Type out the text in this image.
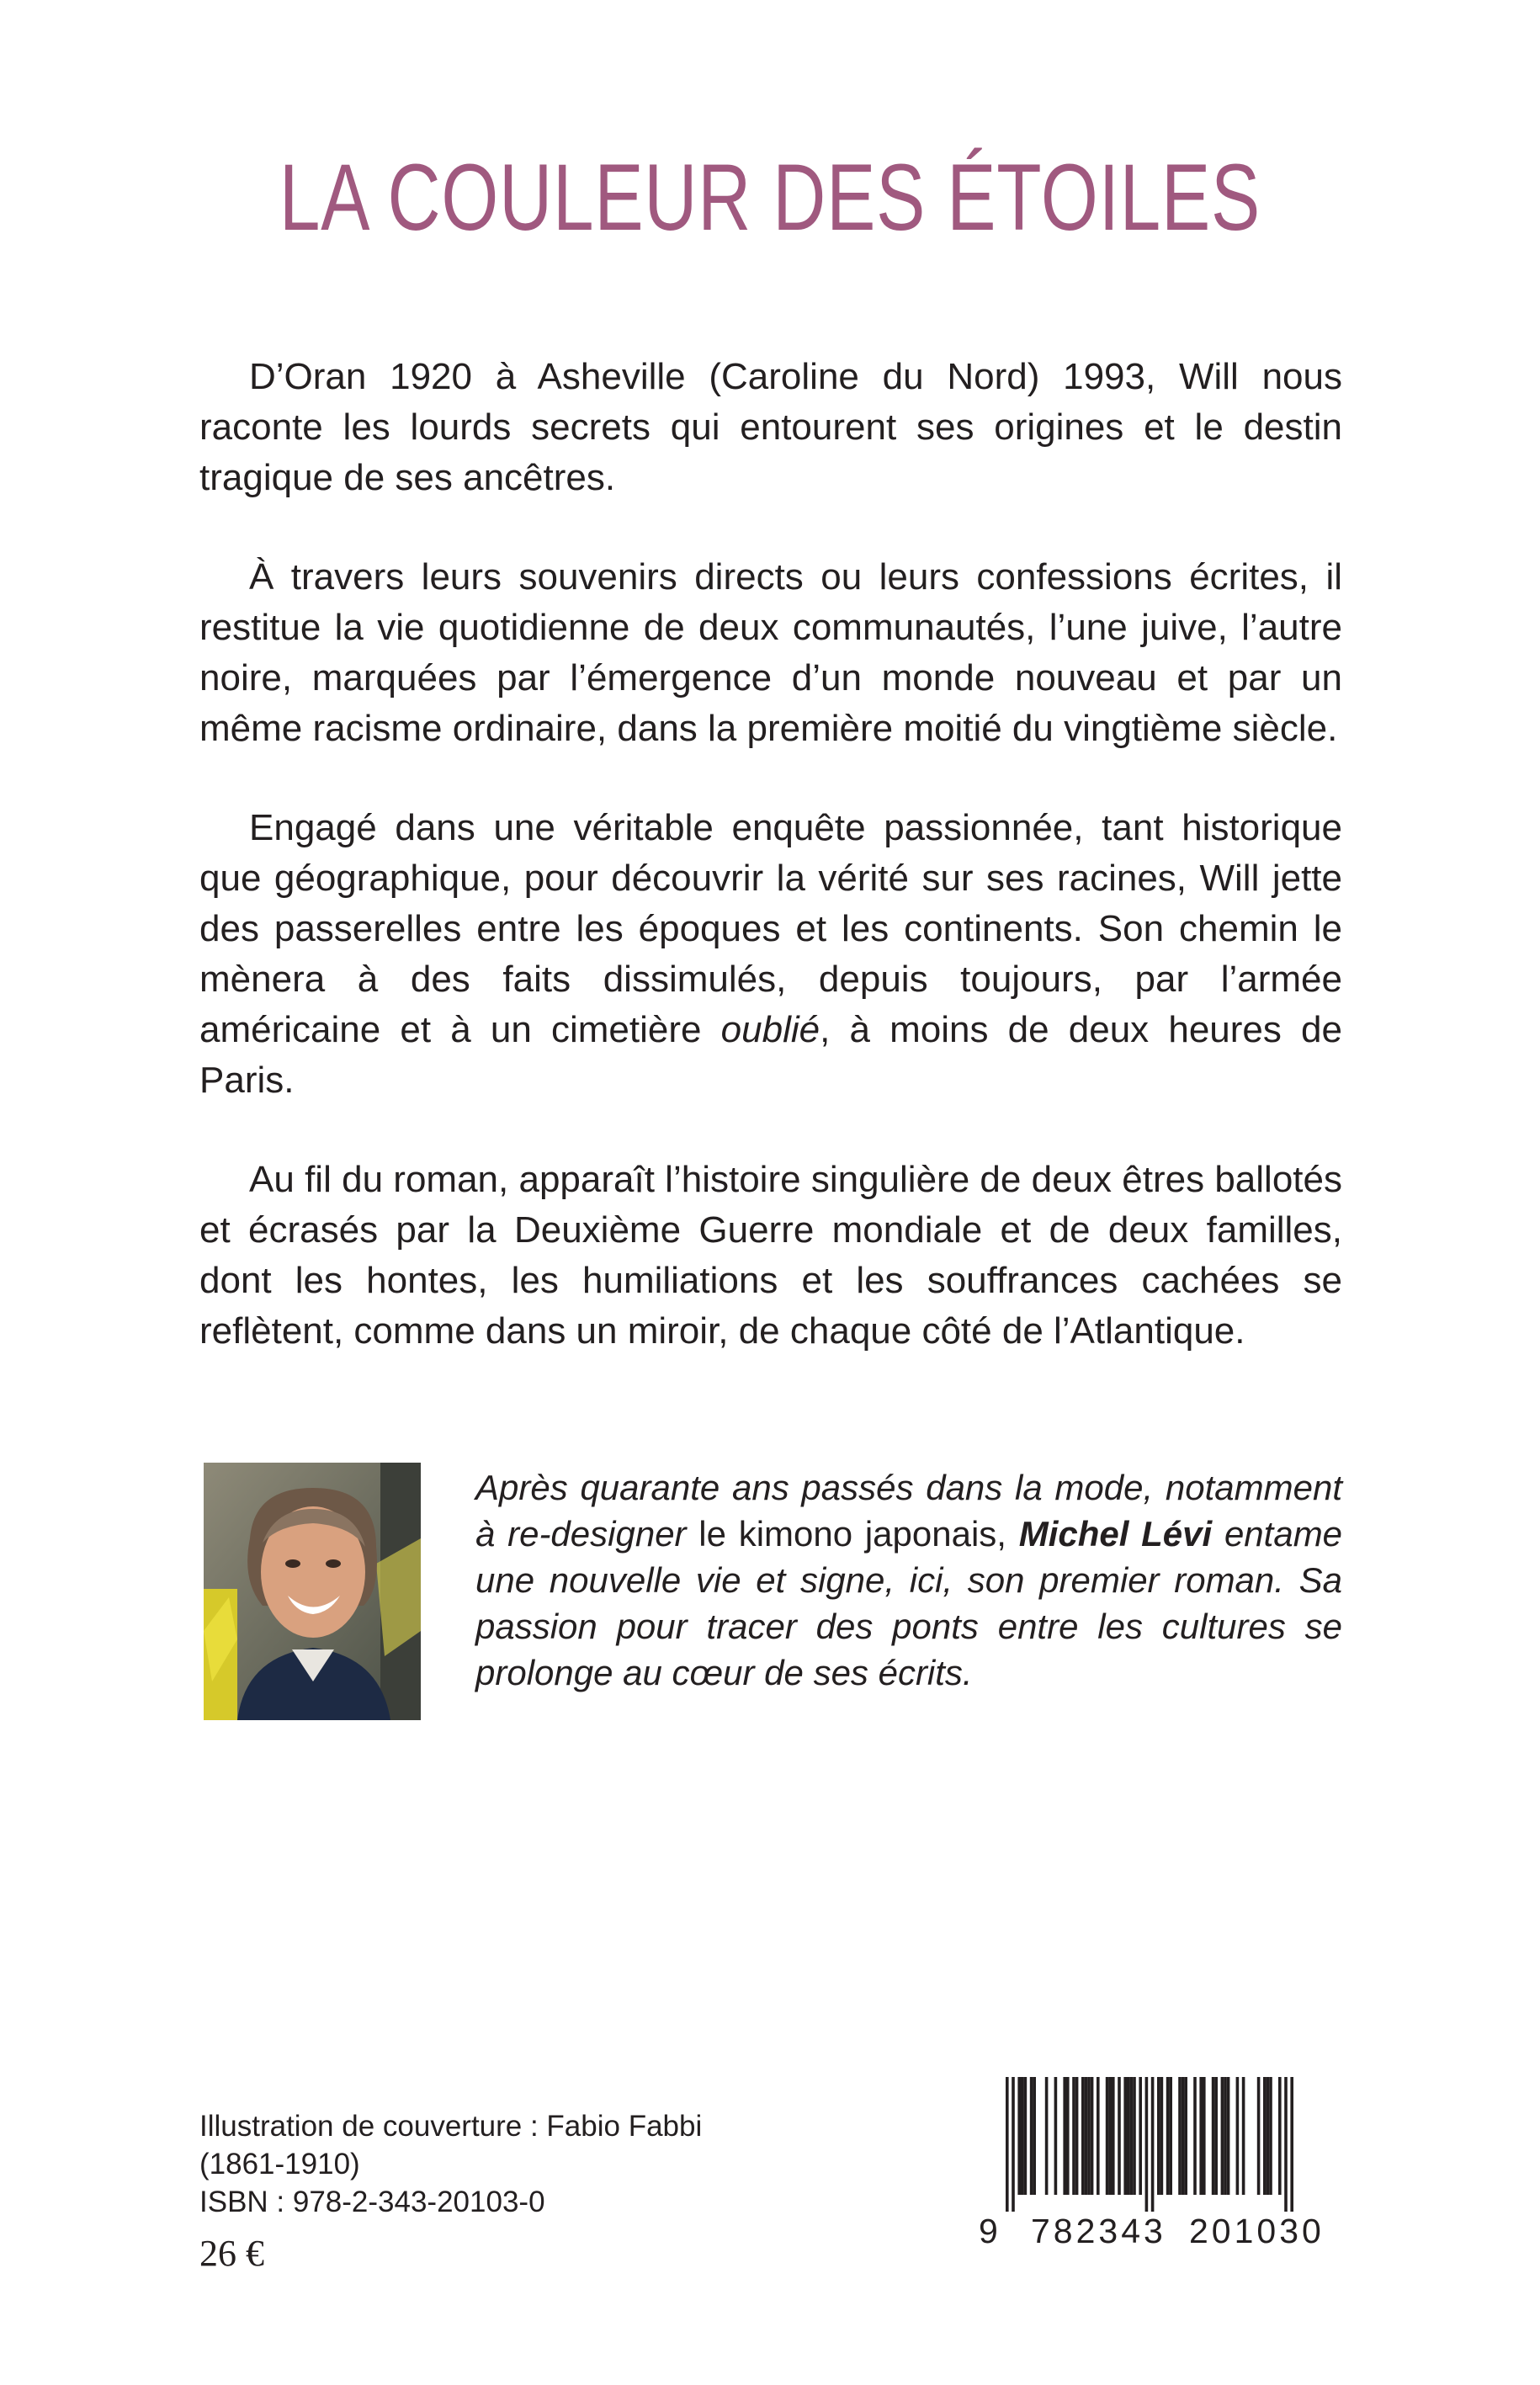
LA COULEUR DES ÉTOILES

D’Oran 1920 à Asheville (Caroline du Nord) 1993, Will nous raconte les lourds secrets qui entourent ses origines et le destin tragique de ses ancêtres.

À travers leurs souvenirs directs ou leurs confessions écrites, il restitue la vie quotidienne de deux communautés, l’une juive, l’autre noire, marquées par l’émergence d’un monde nouveau et par un même racisme ordinaire, dans la première moitié du vingtième siècle.

Engagé dans une véritable enquête passionnée, tant historique que géographique, pour découvrir la vérité sur ses racines, Will jette des passerelles entre les époques et les continents. Son chemin le mènera à des faits dissimulés, depuis toujours, par l’armée américaine et à un cimetière oublié, à moins de deux heures de Paris.

Au fil du roman, apparaît l’histoire singulière de deux êtres ballotés et écrasés par la Deuxième Guerre mondiale et de deux familles, dont les hontes, les humiliations et les souffrances cachées se reflètent, comme dans un miroir, de chaque côté de l’Atlantique.

Après quarante ans passés dans la mode, notamment à re-designer le kimono japonais, Michel Lévi entame une nouvelle vie et signe, ici, son premier roman. Sa passion pour tracer des ponts entre les cultures se prolonge au cœur de ses écrits.

Illustration de couverture : Fabio Fabbi
(1861-1910)
ISBN : 978-2-343-20103-0
26 €
9 782343 201030
